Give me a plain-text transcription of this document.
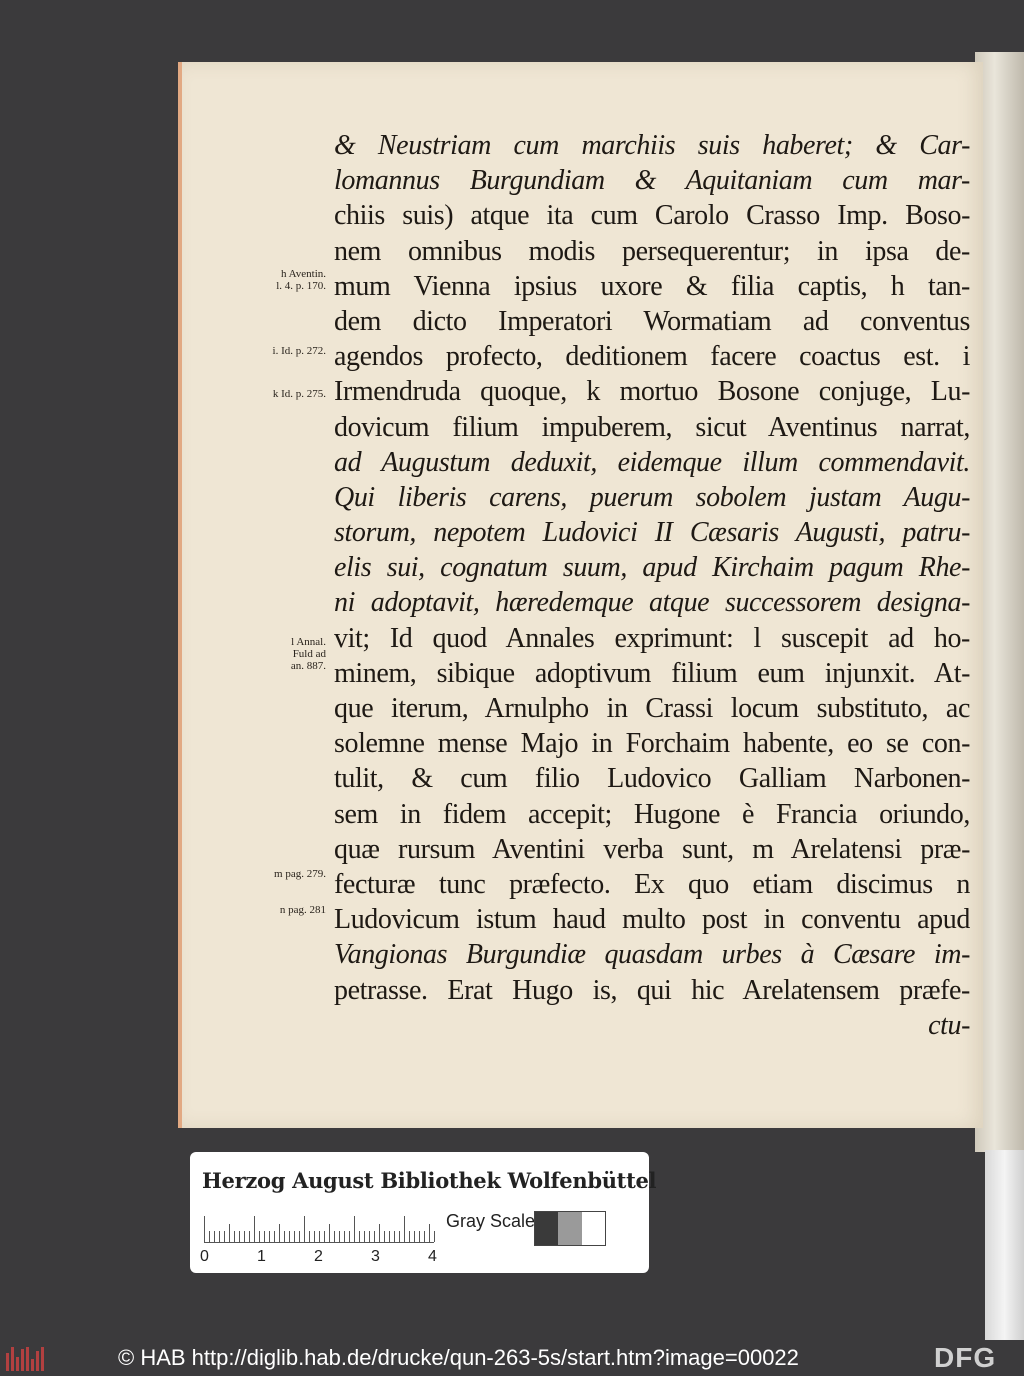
h Aventin.
l. 4. p. 170.
i. Id. p. 272.
k Id. p. 275.
l Annal.
Fuld ad
an. 887.
m pag. 279.
n pag. 281
& Neustriam cum marchiis suis haberet; & Car-
lomannus Burgundiam & Aquitaniam cum mar-
chiis suis) atque ita cum Carolo Crasso Imp. Boso-
nem omnibus modis persequerentur; in ipsa de-
mum Vienna ipsius uxore & filia captis, h tan-
dem dicto Imperatori Wormatiam ad conventus
agendos profecto, deditionem facere coactus est. i
Irmendruda quoque, k mortuo Bosone conjuge, Lu-
dovicum filium impuberem, sicut Aventinus narrat,
ad Augustum deduxit, eidemque illum commendavit.
Qui liberis carens, puerum sobolem justam Augu-
storum, nepotem Ludovici II Cæsaris Augusti, patru-
elis sui, cognatum suum, apud Kirchaim pagum Rhe-
ni adoptavit, hæredemque atque successorem designa-
vit; Id quod Annales exprimunt: l suscepit ad ho-
minem, sibique adoptivum filium eum injunxit. At-
que iterum, Arnulpho in Crassi locum substituto, ac
solemne mense Majo in Forchaim habente, eo se con-
tulit, & cum filio Ludovico Galliam Narbonen-
sem in fidem accepit; Hugone è Francia oriundo,
quæ rursum Aventini verba sunt, m Arelatensi præ-
fecturæ tunc præfecto. Ex quo etiam discimus n
Ludovicum istum haud multo post in conventu apud
Vangionas Burgundiæ quasdam urbes à Cæsare im-
petrasse. Erat Hugo is, qui hic Arelatensem præfe-
ctu-
Herzog August Bibliothek Wolfenbüttel
0	1	2	3	4
Gray Scale
© HAB http://diglib.hab.de/drucke/qun-263-5s/start.htm?image=00022	DFG
